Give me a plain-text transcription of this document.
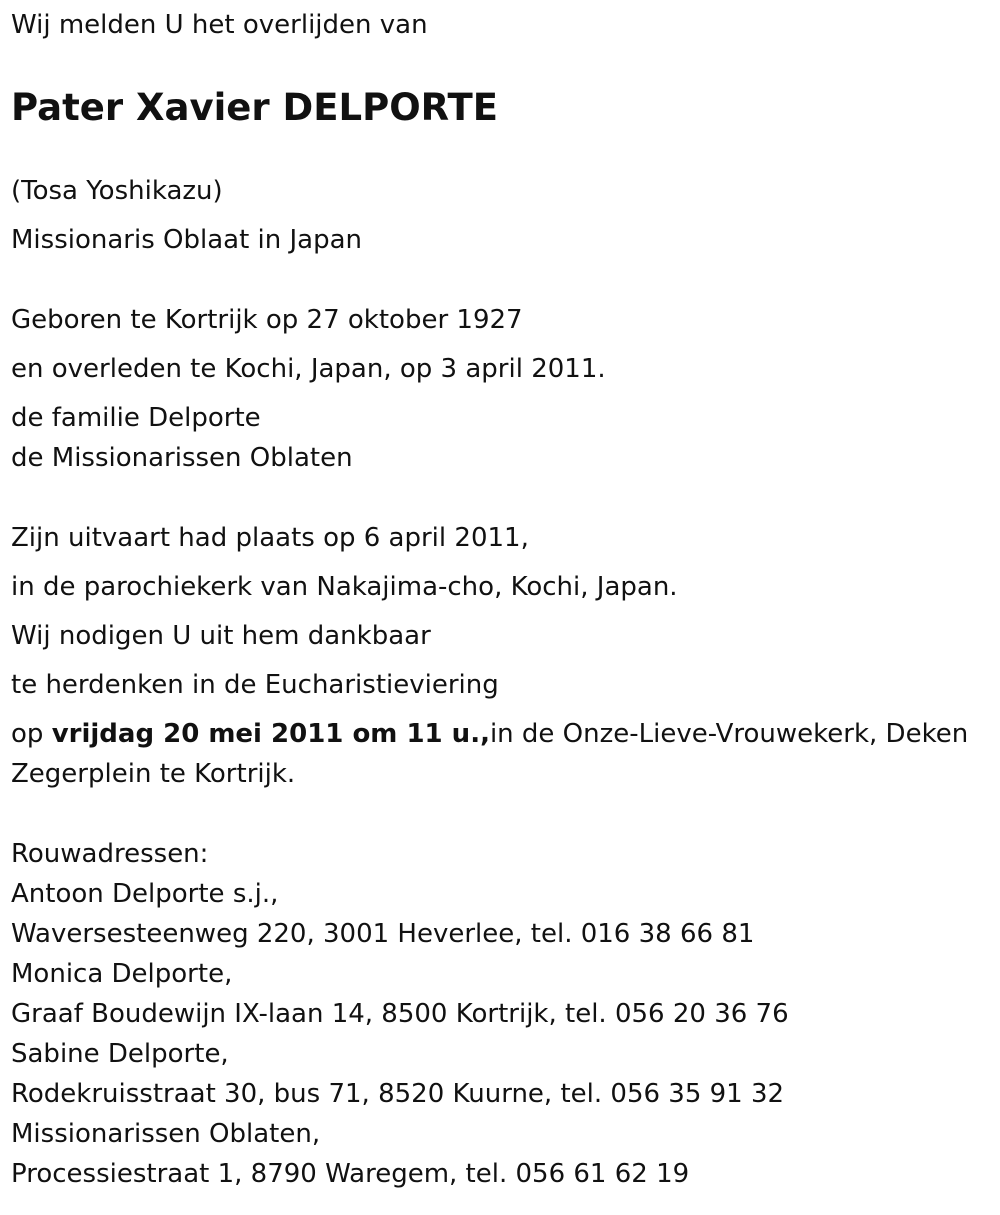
Wij melden U het overlijden van
Pater Xavier DELPORTE
(Tosa Yoshikazu)
Missionaris Oblaat in Japan
Geboren te Kortrijk op 27 oktober 1927
en overleden te Kochi, Japan, op 3 april 2011.
de familie Delporte
de Missionarissen Oblaten
Zijn uitvaart had plaats op 6 april 2011,
in de parochiekerk van Nakajima-cho, Kochi, Japan.
Wij nodigen U uit hem dankbaar
te herdenken in de Eucharistieviering
op vrijdag 20 mei 2011 om 11 u.,in de Onze-Lieve-Vrouwekerk, Deken Zegerplein te Kortrijk.
Rouwadressen:
Antoon Delporte s.j.,
Waversesteenweg 220, 3001 Heverlee, tel. 016 38 66 81
Monica Delporte,
Graaf Boudewijn IX-laan 14, 8500 Kortrijk, tel. 056 20 36 76
Sabine Delporte,
Rodekruisstraat 30, bus 71, 8520 Kuurne, tel. 056 35 91 32
Missionarissen Oblaten,
Processiestraat 1, 8790 Waregem, tel. 056 61 62 19
